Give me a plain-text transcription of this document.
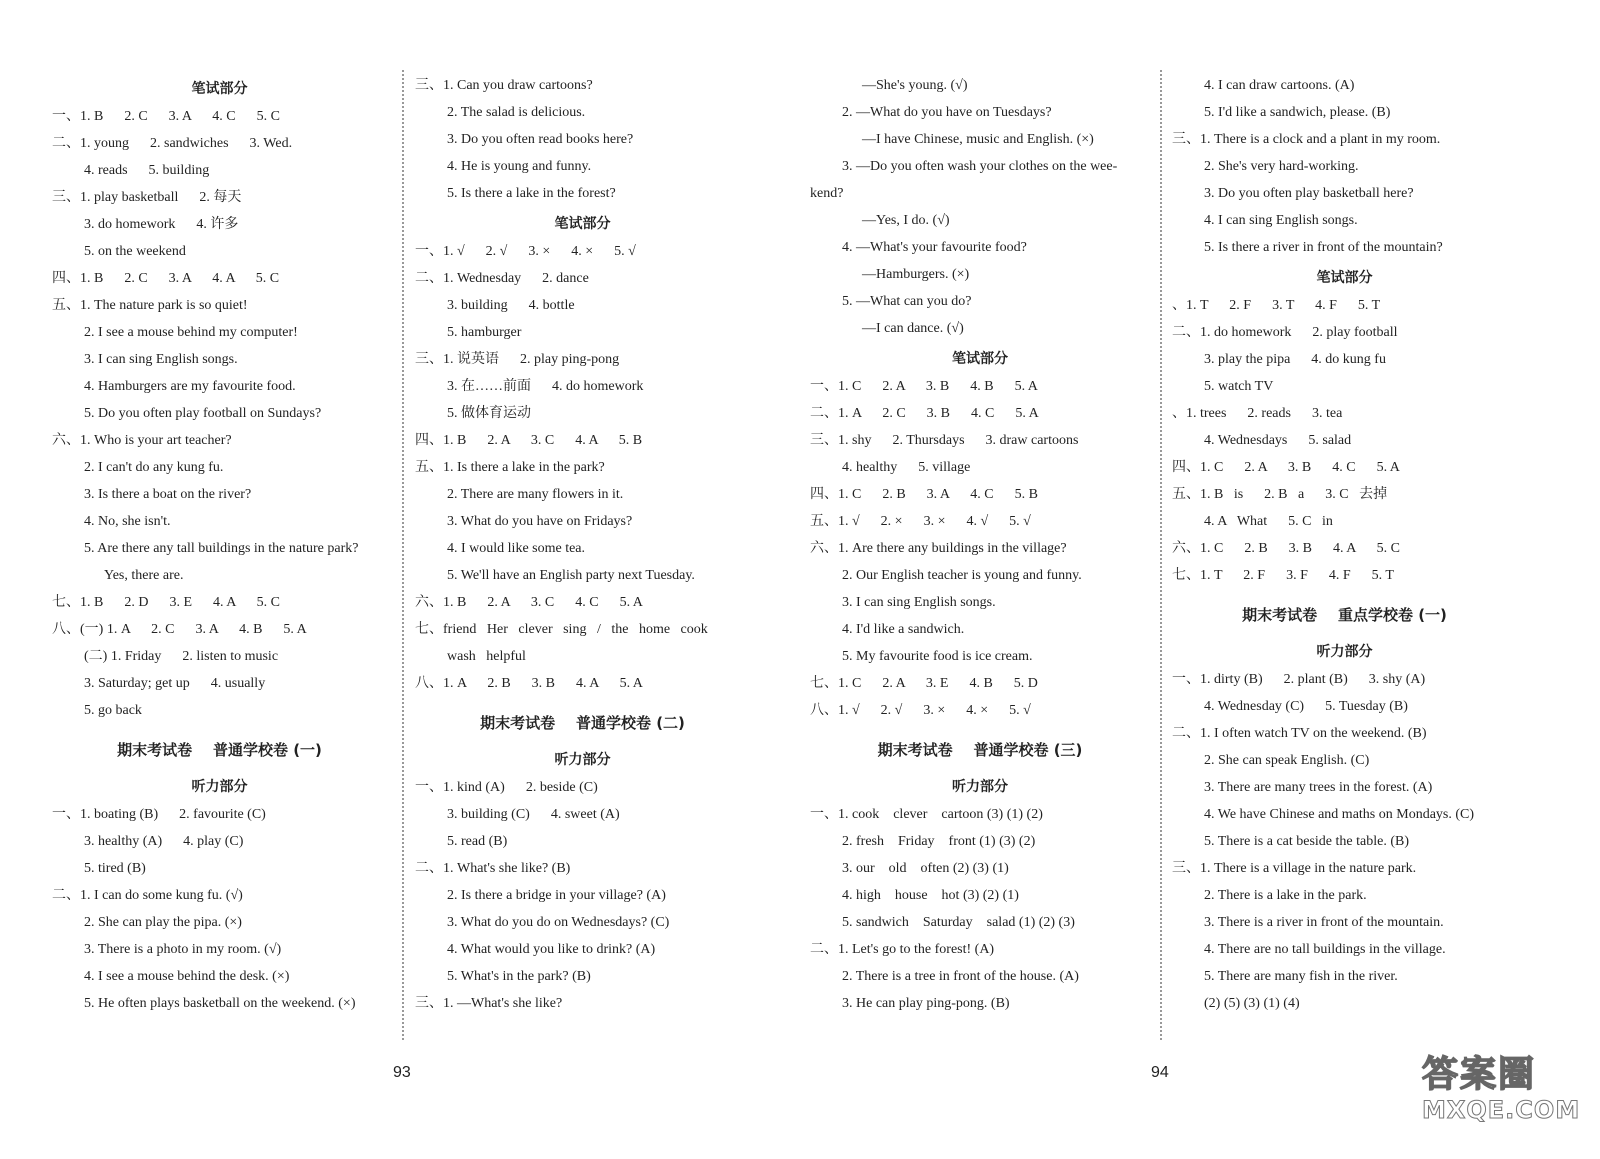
笔试部分
一、1. B      2. C      3. A      4. C      5. C
二、1. young      2. sandwiches      3. Wed.
4. reads      5. building
三、1. play basketball      2. 每天
3. do homework      4. 许多
5. on the weekend
四、1. B      2. C      3. A      4. A      5. C
五、1. The nature park is so quiet!
2. I see a mouse behind my computer!
3. I can sing English songs.
4. Hamburgers are my favourite food.
5. Do you often play football on Sundays?
六、1. Who is your art teacher?
2. I can't do any kung fu.
3. Is there a boat on the river?
4. No, she isn't.
5. Are there any tall buildings in the nature park?
Yes, there are.
七、1. B      2. D      3. E      4. A      5. C
八、(一) 1. A      2. C      3. A      4. B      5. A
(二) 1. Friday      2. listen to music
3. Saturday; get up      4. usually
5. go back
期末考试卷    普通学校卷 (一)
听力部分
一、1. boating (B)      2. favourite (C)
3. healthy (A)      4. play (C)
5. tired (B)
二、1. I can do some kung fu. (√)
2. She can play the pipa. (×)
3. There is a photo in my room. (√)
4. I see a mouse behind the desk. (×)
5. He often plays basketball on the weekend. (×)
三、1. Can you draw cartoons?
2. The salad is delicious.
3. Do you often read books here?
4. He is young and funny.
5. Is there a lake in the forest?
笔试部分
一、1. √      2. √      3. ×      4. ×      5. √
二、1. Wednesday      2. dance
3. building      4. bottle
5. hamburger
三、1. 说英语      2. play ping-pong
3. 在……前面      4. do homework
5. 做体育运动
四、1. B      2. A      3. C      4. A      5. B
五、1. Is there a lake in the park?
2. There are many flowers in it.
3. What do you have on Fridays?
4. I would like some tea.
5. We'll have an English party next Tuesday.
六、1. B      2. A      3. C      4. C      5. A
七、friend   Her   clever   sing   /   the   home   cook
wash   helpful
八、1. A      2. B      3. B      4. A      5. A
期末考试卷    普通学校卷 (二)
听力部分
一、1. kind (A)      2. beside (C)
3. building (C)      4. sweet (A)
5. read (B)
二、1. What's she like? (B)
2. Is there a bridge in your village? (A)
3. What do you do on Wednesdays? (C)
4. What would you like to drink? (A)
5. What's in the park? (B)
三、1. —What's she like?
—She's young. (√)
2. —What do you have on Tuesdays?
—I have Chinese, music and English. (×)
3. —Do you often wash your clothes on the wee-
kend?
—Yes, I do. (√)
4. —What's your favourite food?
—Hamburgers. (×)
5. —What can you do?
—I can dance. (√)
笔试部分
一、1. C      2. A      3. B      4. B      5. A
二、1. A      2. C      3. B      4. C      5. A
三、1. shy      2. Thursdays      3. draw cartoons
4. healthy      5. village
四、1. C      2. B      3. A      4. C      5. B
五、1. √      2. ×      3. ×      4. √      5. √
六、1. Are there any buildings in the village?
2. Our English teacher is young and funny.
3. I can sing English songs.
4. I'd like a sandwich.
5. My favourite food is ice cream.
七、1. C      2. A      3. E      4. B      5. D
八、1. √      2. √      3. ×      4. ×      5. √
期末考试卷    普通学校卷 (三)
听力部分
一、1. cook    clever    cartoon (3) (1) (2)
2. fresh    Friday    front (1) (3) (2)
3. our    old    often (2) (3) (1)
4. high    house    hot (3) (2) (1)
5. sandwich    Saturday    salad (1) (2) (3)
二、1. Let's go to the forest! (A)
2. There is a tree in front of the house. (A)
3. He can play ping-pong. (B)
4. I can draw cartoons. (A)
5. I'd like a sandwich, please. (B)
三、1. There is a clock and a plant in my room.
2. She's very hard-working.
3. Do you often play basketball here?
4. I can sing English songs.
5. Is there a river in front of the mountain?
笔试部分
、1. T      2. F      3. T      4. F      5. T
二、1. do homework      2. play football
3. play the pipa      4. do kung fu
5. watch TV
、1. trees      2. reads      3. tea
4. Wednesdays      5. salad
四、1. C      2. A      3. B      4. C      5. A
五、1. B   is      2. B   a      3. C   去掉
4. A   What      5. C   in
六、1. C      2. B      3. B      4. A      5. C
七、1. T      2. F      3. F      4. F      5. T
期末考试卷    重点学校卷 (一)
听力部分
一、1. dirty (B)      2. plant (B)      3. shy (A)
4. Wednesday (C)      5. Tuesday (B)
二、1. I often watch TV on the weekend. (B)
2. She can speak English. (C)
3. There are many trees in the forest. (A)
4. We have Chinese and maths on Mondays. (C)
5. There is a cat beside the table. (B)
三、1. There is a village in the nature park.
2. There is a lake in the park.
3. There is a river in front of the mountain.
4. There are no tall buildings in the village.
5. There are many fish in the river.
(2) (5) (3) (1) (4)
93	94	答案圈
MXQE.COM
